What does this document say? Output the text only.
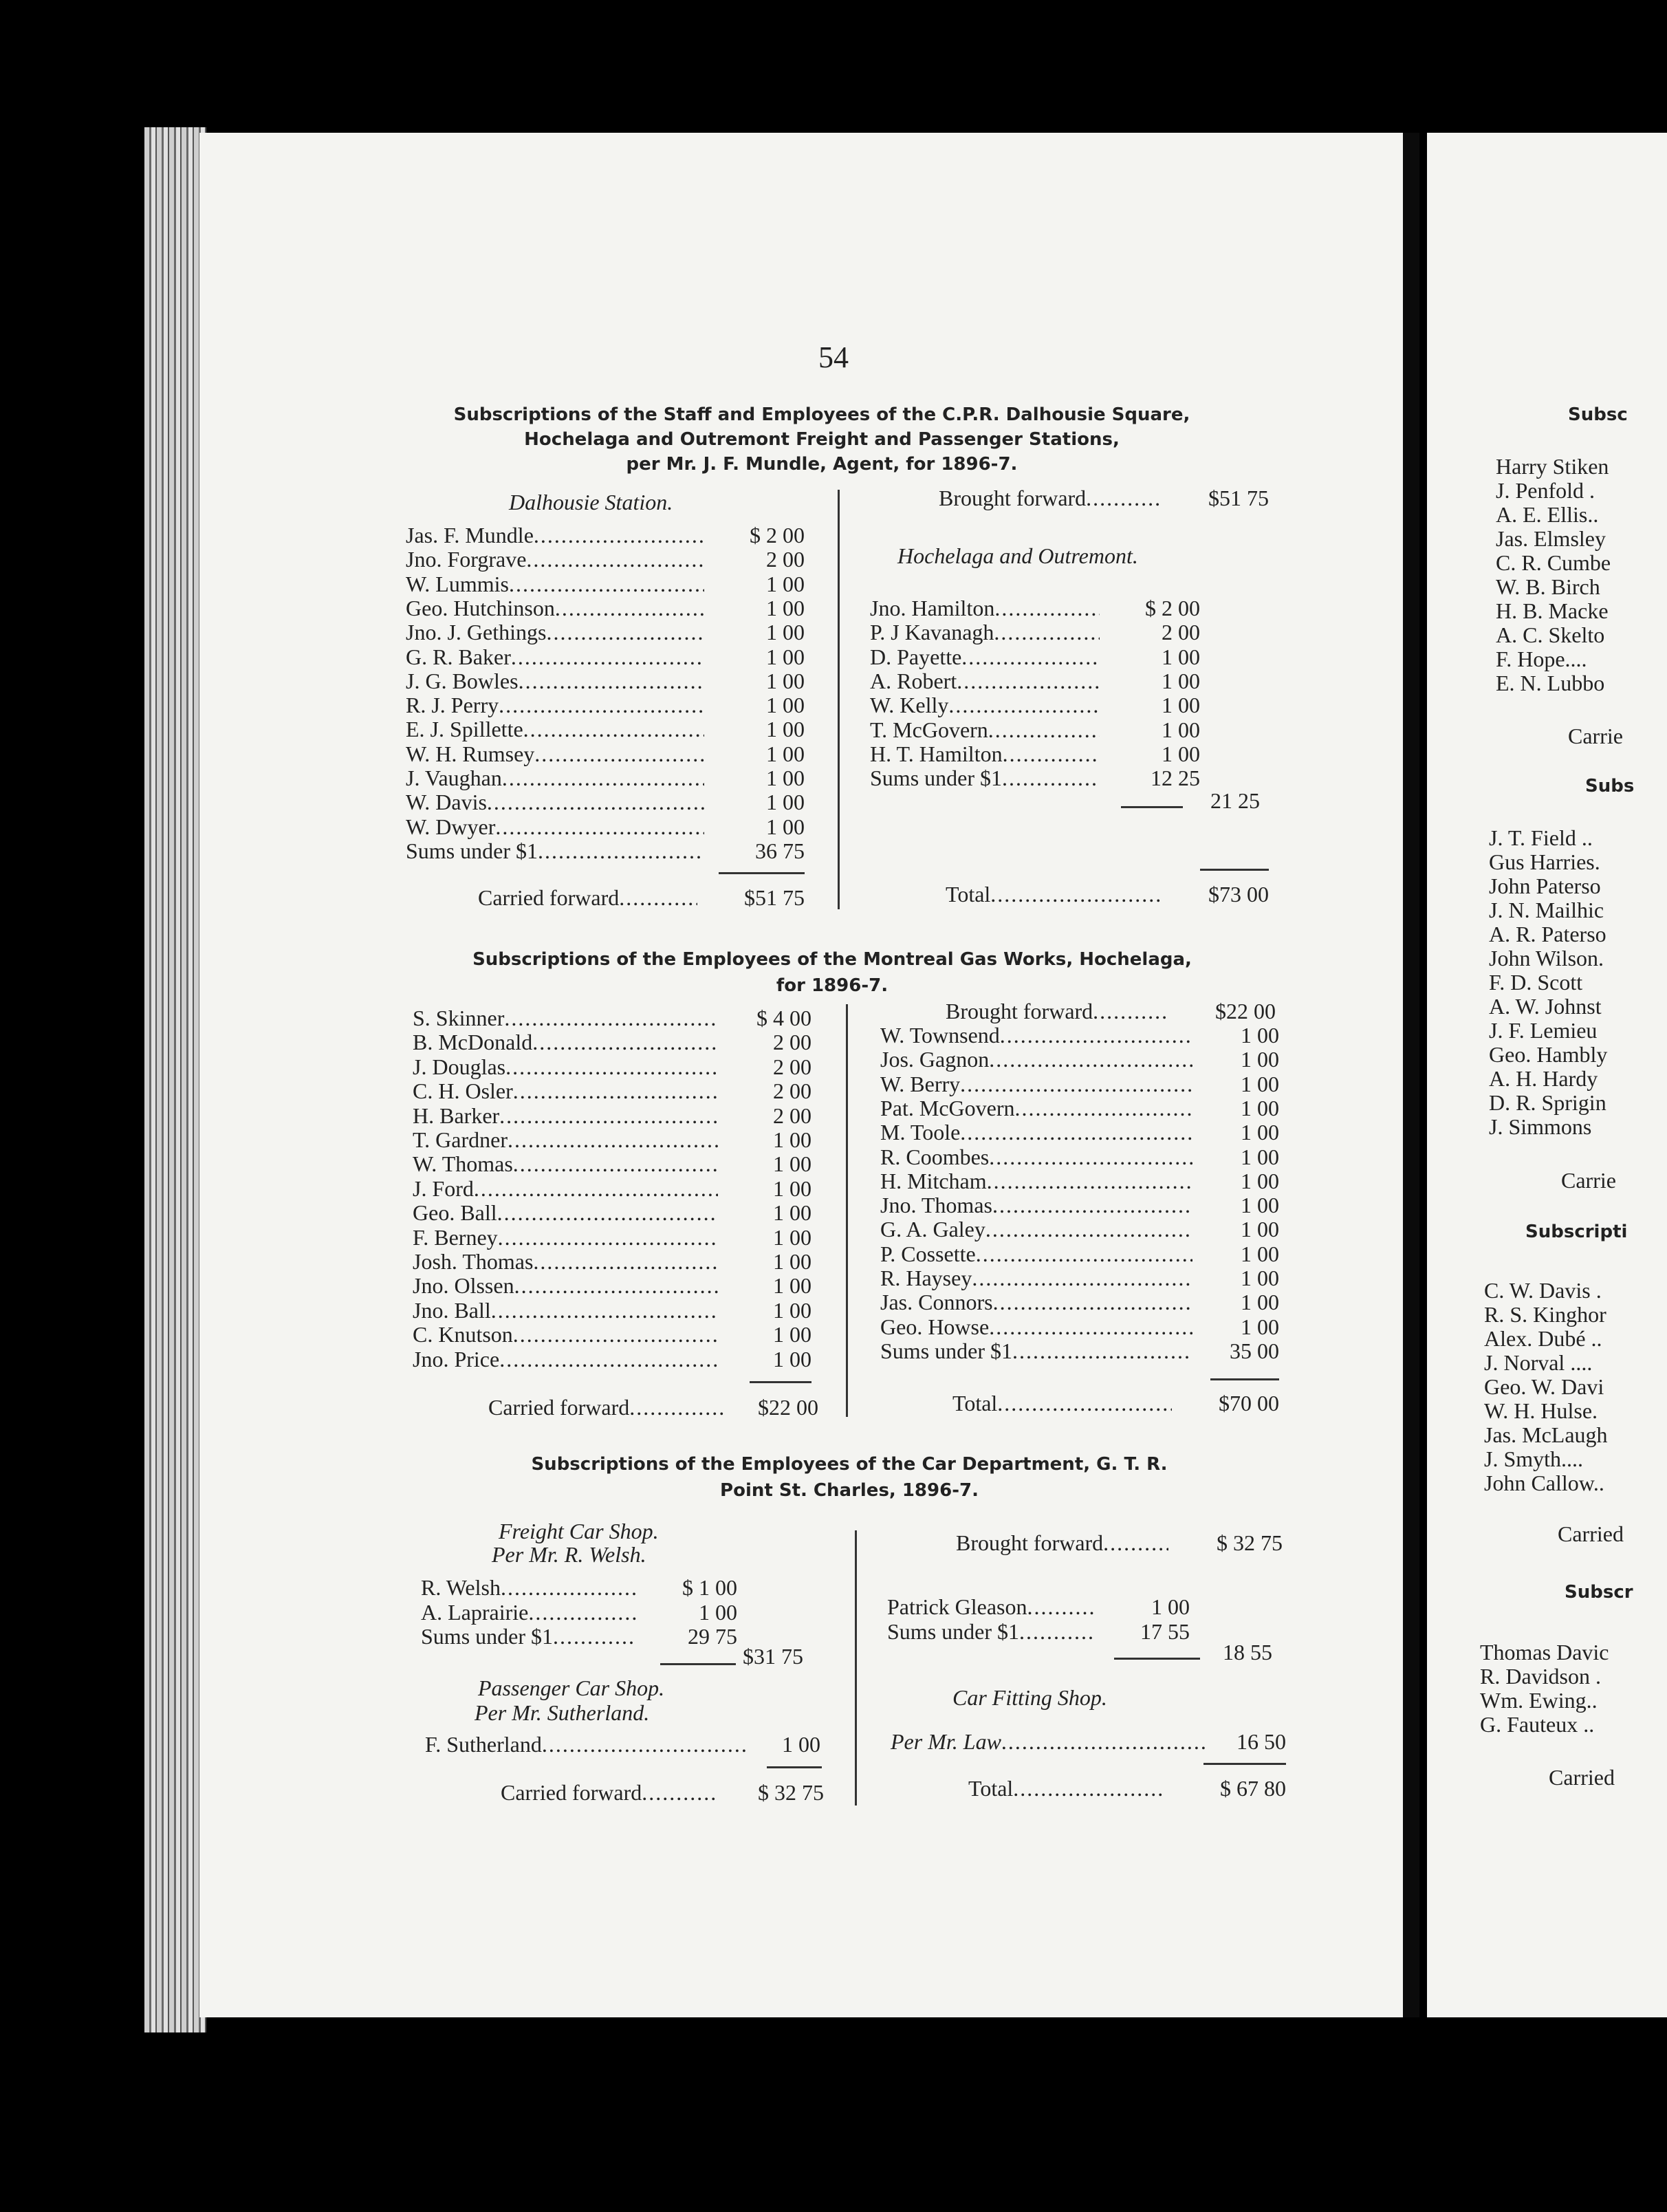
54
Subscriptions of the Staff and Employees of the C.P.R. Dalhousie Square,
Hochelaga and Outremont Freight and Passenger Stations,
per Mr. J. F. Mundle, Agent, for 1896-7.
Dalhousie Station.
Jas. F. Mundle . . .	$ 2 00
Jno. Forgrave . . .	2 00
W. Lummis . . .	1 00
Geo. Hutchinson . . .	1 00
Jno. J. Gethings . . .	1 00
G. R. Baker . . .	1 00
J. G. Bowles . . .	1 00
R. J. Perry . . .	1 00
E. J. Spillette . . .	1 00
W. H. Rumsey . . .	1 00
J. Vaughan . . .	1 00
W. Davis . . .	1 00
W. Dwyer . . .	1 00
Sums under $1 . . .	36 75
Carried forward . . .	$51 75
Brought forward . . .	$51 75
Hochelaga and Outremont.
Jno. Hamilton . . .	$ 2 00
P. J Kavanagh . . .	2 00
D. Payette . . .	1 00
A. Robert . . .	1 00
W. Kelly . . .	1 00
T. McGovern . . .	1 00
H. T. Hamilton . . .	1 00
Sums under $1 . . .	12 25
21 25
Total . . .	$73 00
Subscriptions of the Employees of the Montreal Gas Works, Hochelaga,
for 1896-7.
S. Skinner . . .	$ 4 00
B. McDonald . . .	2 00
J. Douglas . . .	2 00
C. H. Osler . . .	2 00
H. Barker . . .	2 00
T. Gardner . . .	1 00
W. Thomas . . .	1 00
J. Ford . . .	1 00
Geo. Ball . . .	1 00
F. Berney . . .	1 00
Josh. Thomas . . .	1 00
Jno. Olssen . . .	1 00
Jno. Ball . . .	1 00
C. Knutson . . .	1 00
Jno. Price . . .	1 00
Carried forward . . .	$22 00
Brought forward . . .	$22 00
W. Townsend . . .	1 00
Jos. Gagnon . . .	1 00
W. Berry . . .	1 00
Pat. McGovern . . .	1 00
M. Toole . . .	1 00
R. Coombes . . .	1 00
H. Mitcham . . .	1 00
Jno. Thomas . . .	1 00
G. A. Galey . . .	1 00
P. Cossette . . .	1 00
R. Haysey . . .	1 00
Jas. Connors . . .	1 00
Geo. Howse . . .	1 00
Sums under $1 . . .	35 00
Total . . .	$70 00
Subscriptions of the Employees of the Car Department, G. T. R.
Point St. Charles, 1896-7.
Freight Car Shop.
Per Mr. R. Welsh.
R. Welsh . . .	$ 1 00
A. Laprairie . . .	1 00
Sums under $1 . . .	29 75
$31 75
Passenger Car Shop.
Per Mr. Sutherland.
F. Sutherland . . .	1 00
Carried forward . . .	$ 32 75
Brought forward . . .	$ 32 75
Patrick Gleason . . .	1 00
Sums under $1 . . .	17 55
18 55
Car Fitting Shop.
Per Mr. Law . . .	16 50
Total . . .	$ 67 80
Subsc
Harry Stiken
J. Penfold .
A. E. Ellis..
Jas. Elmsley
C. R. Cumbe
W. B. Birch
H. B. Macke
A. C. Skelto
F. Hope....
E. N. Lubbo
Carrie
Subs
J. T. Field ..
Gus Harries.
John Paterso
J. N. Mailhic
A. R. Paterso
John Wilson.
F. D. Scott
A. W. Johnst
J. F. Lemieu
Geo. Hambly
A. H. Hardy
D. R. Sprigin
J. Simmons
Carrie
Subscripti
C. W. Davis .
R. S. Kinghor
Alex. Dubé ..
J. Norval ....
Geo. W. Davi
W. H. Hulse.
Jas. McLaugh
J. Smyth....
John Callow..
Carried
Subscr
Thomas Davic
R. Davidson .
Wm. Ewing..
G. Fauteux ..
Carried
